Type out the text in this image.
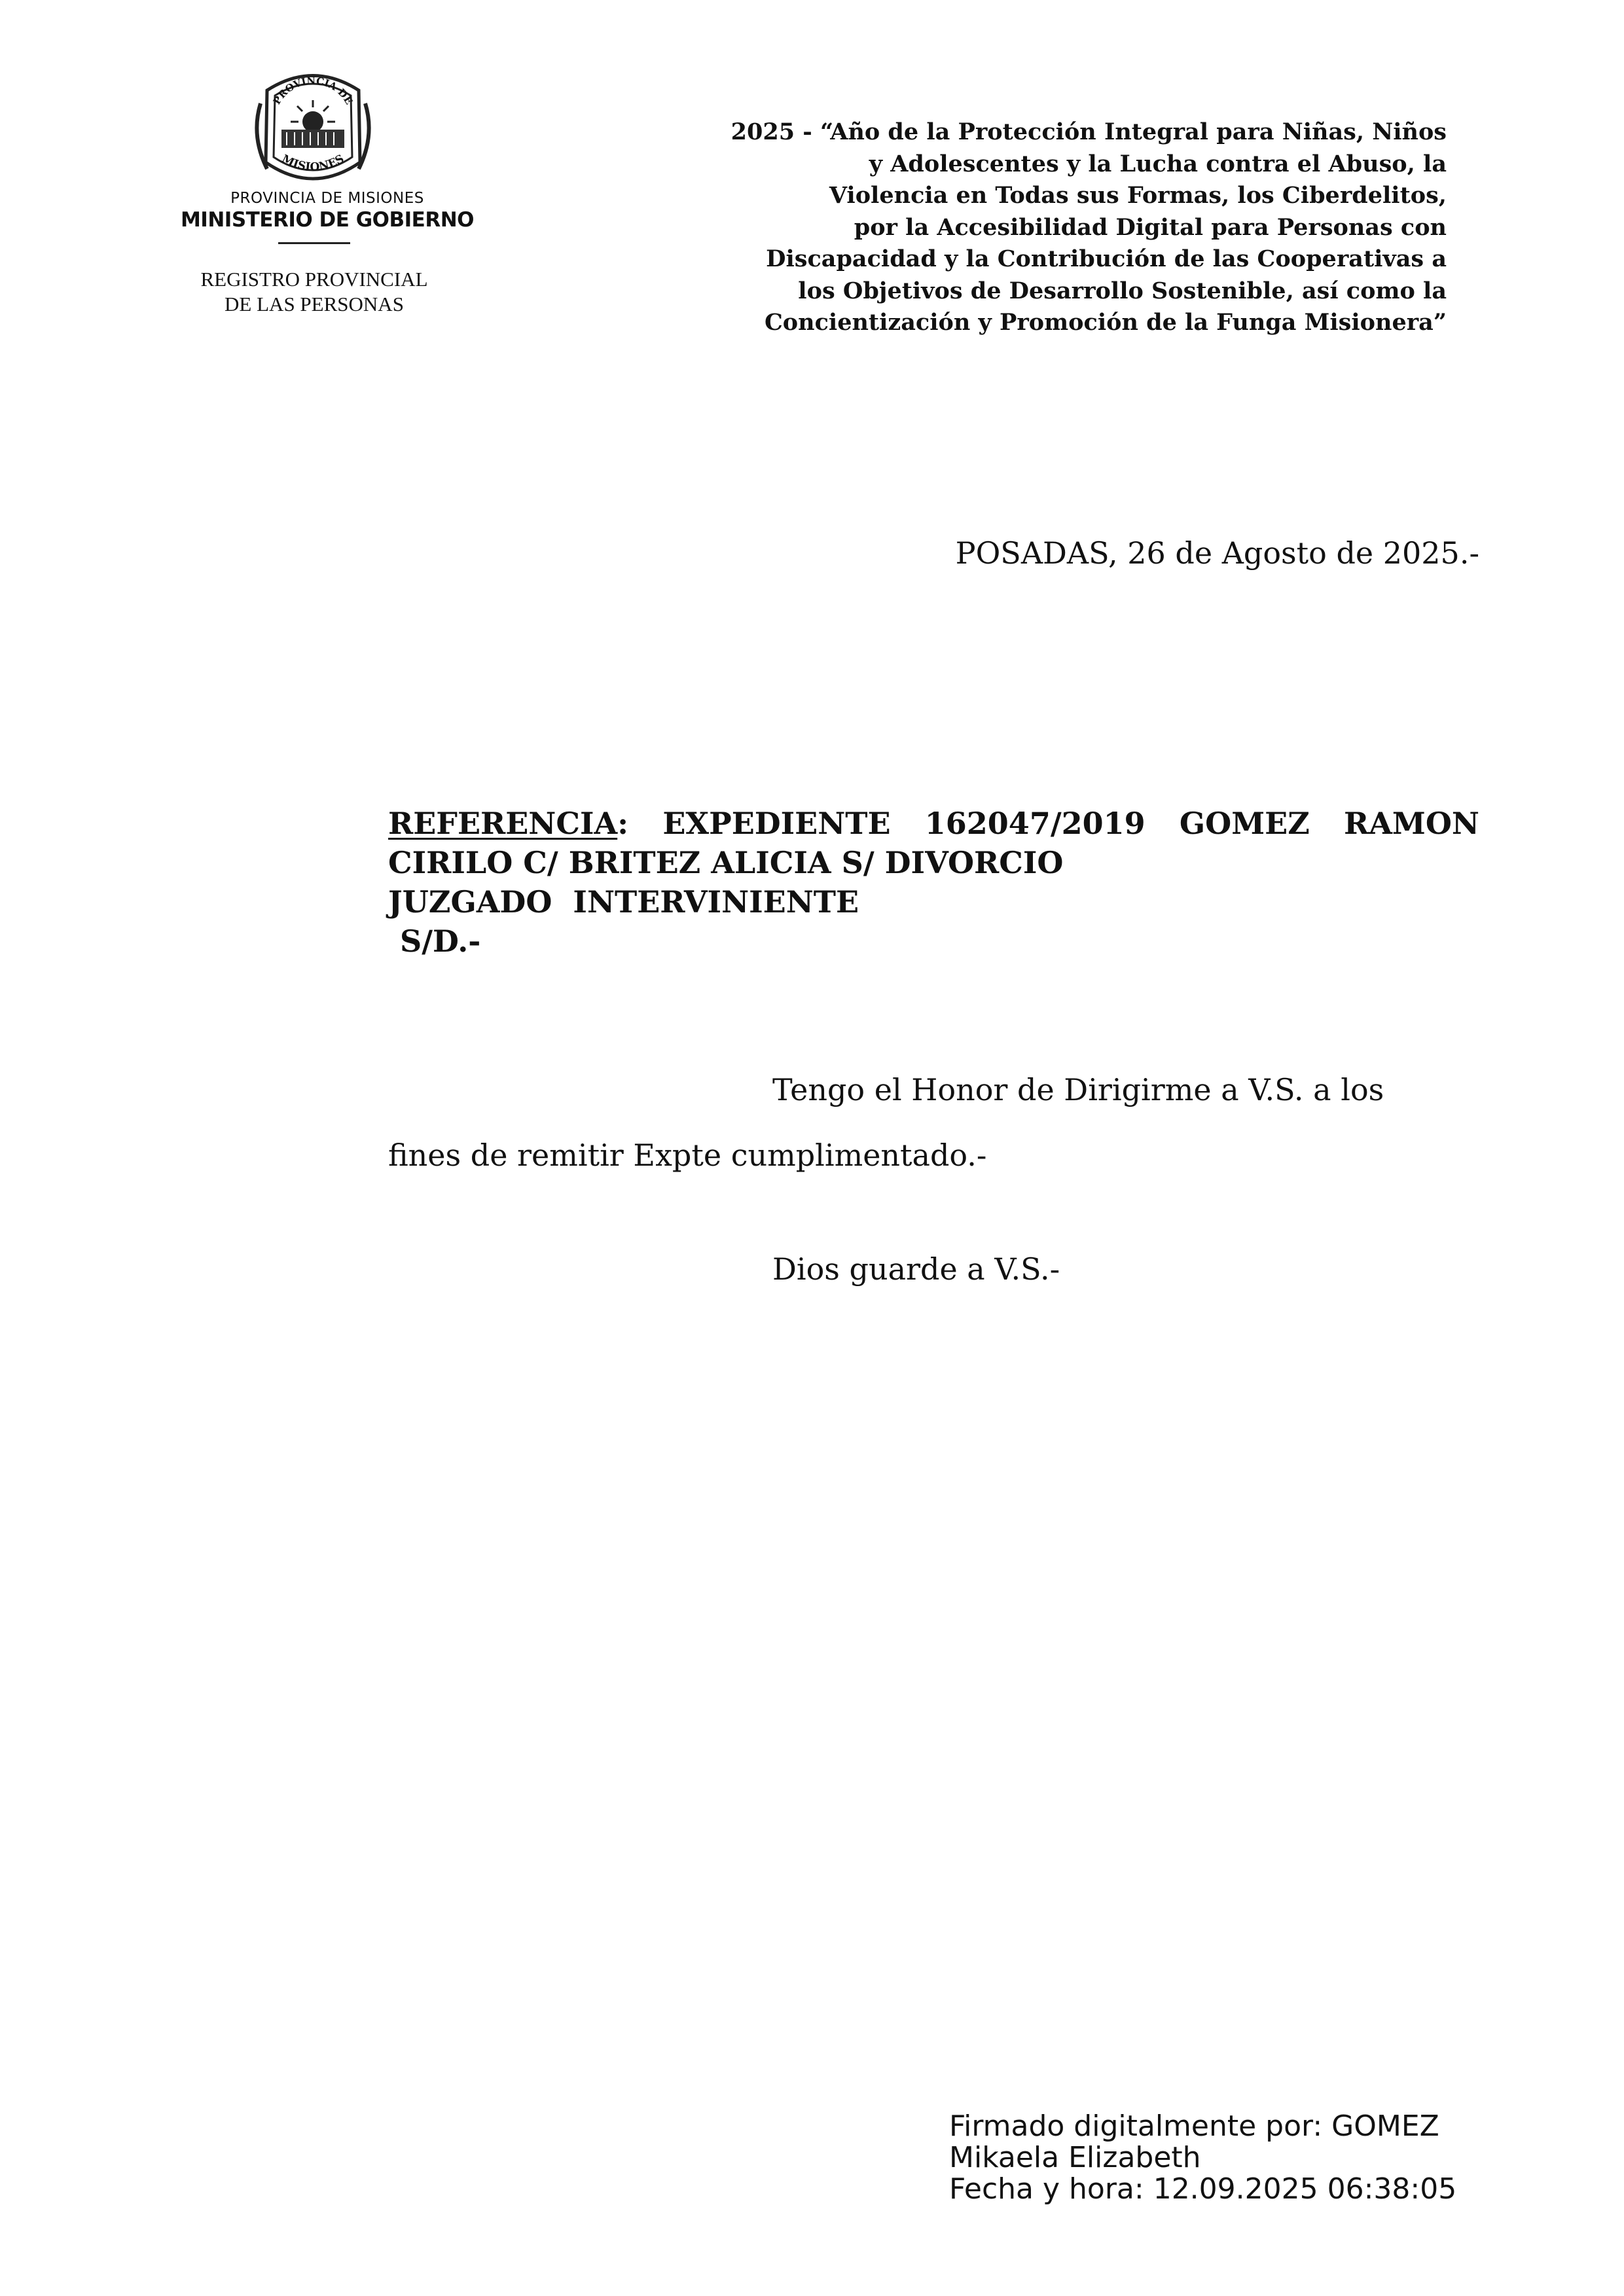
PROVINCIA DE
MISIONES
PROVINCIA DE MISIONES
MINISTERIO DE GOBIERNO
REGISTRO PROVINCIAL
DE LAS PERSONAS
2025 - “Año de la Protección Integral para Niñas, Niños
y Adolescentes y la Lucha contra el Abuso, la
Violencia en Todas sus Formas, los Ciberdelitos,
por la Accesibilidad Digital para Personas con
Discapacidad y la Contribución de las Cooperativas a
los Objetivos de Desarrollo Sostenible, así como la
Concientización y Promoción de la Funga Misionera”
POSADAS, 26 de Agosto de 2025.-
REFERENCIA: EXPEDIENTE 162047/2019 GOMEZ RAMON
CIRILO C/ BRITEZ ALICIA S/ DIVORCIO
JUZGADO  INTERVINIENTE
S/D.-
Tengo el Honor de Dirigirme a V.S. a los
fines de remitir Expte cumplimentado.-
Dios guarde a V.S.-
Firmado digitalmente por: GOMEZ
Mikaela Elizabeth
Fecha y hora: 12.09.2025 06:38:05
